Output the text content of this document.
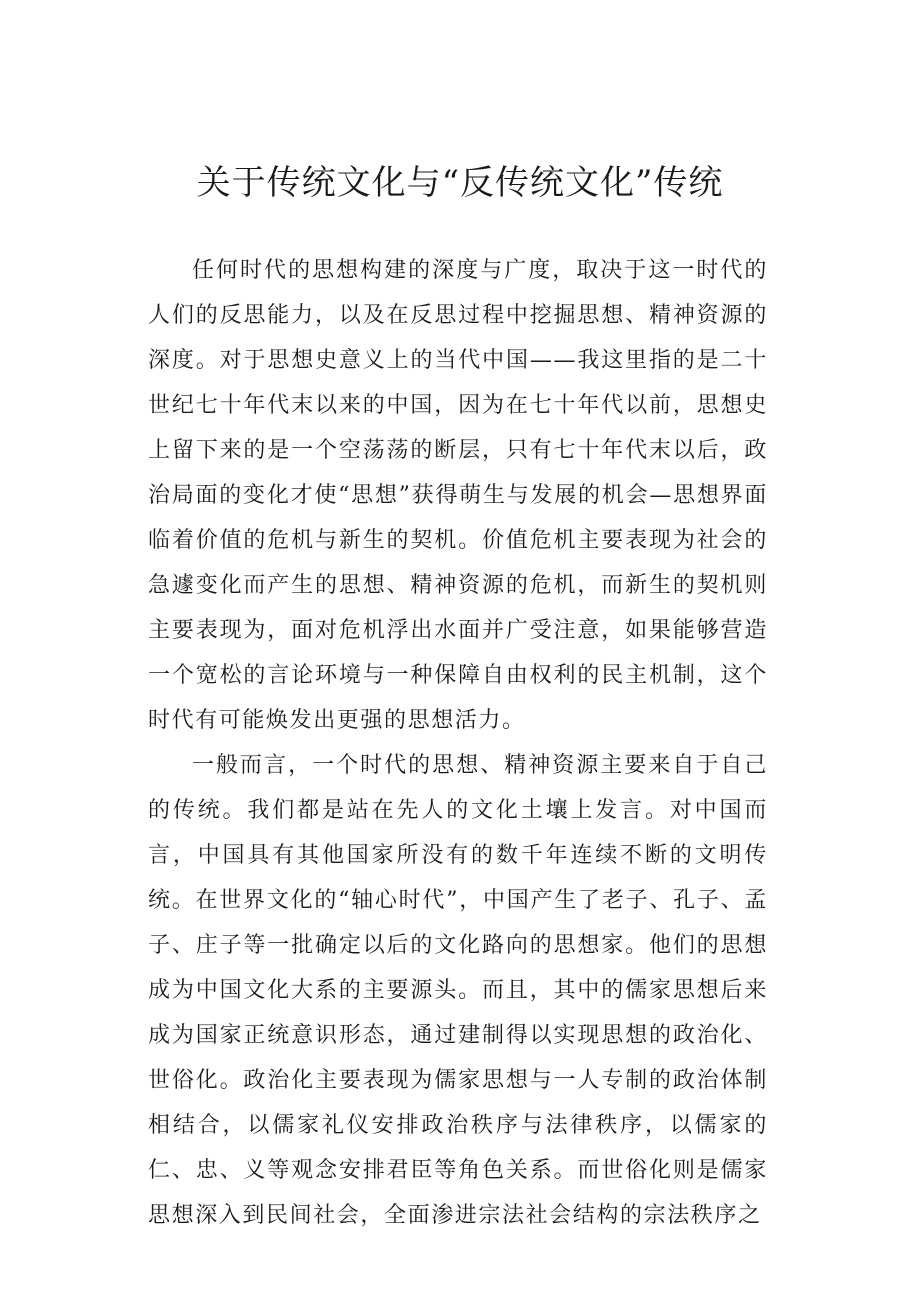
关于传统文化与“反传统文化”传统

任何时代的思想构建的深度与广度，取决于这一时代的人们的反思能力，以及在反思过程中挖掘思想、精神资源的深度。对于思想史意义上的当代中国——我这里指的是二十世纪七十年代末以来的中国，因为在七十年代以前，思想史上留下来的是一个空荡荡的断层，只有七十年代末以后，政治局面的变化才使“思想”获得萌生与发展的机会—思想界面临着价值的危机与新生的契机。价值危机主要表现为社会的急遽变化而产生的思想、精神资源的危机，而新生的契机则主要表现为，面对危机浮出水面并广受注意，如果能够营造一个宽松的言论环境与一种保障自由权利的民主机制，这个时代有可能焕发出更强的思想活力。

一般而言，一个时代的思想、精神资源主要来自于自己的传统。我们都是站在先人的文化土壤上发言。对中国而言，中国具有其他国家所没有的数千年连续不断的文明传统。在世界文化的“轴心时代”，中国产生了老子、孔子、孟子、庄子等一批确定以后的文化路向的思想家。他们的思想成为中国文化大系的主要源头。而且，其中的儒家思想后来成为国家正统意识形态，通过建制得以实现思想的政治化、世俗化。政治化主要表现为儒家思想与一人专制的政治体制相结合，以儒家礼仪安排政治秩序与法律秩序，以儒家的仁、忠、义等观念安排君臣等角色关系。而世俗化则是儒家思想深入到民间社会，全面渗进宗法社会结构的宗法秩序之
